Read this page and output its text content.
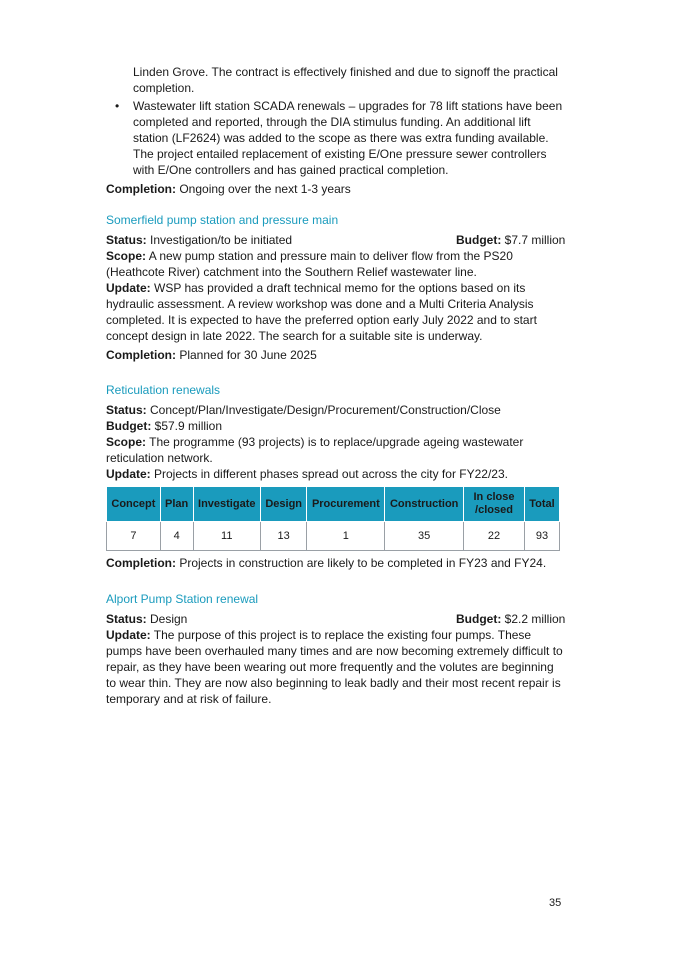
Linden Grove. The contract is effectively finished and due to signoff the practical

completion.

• Wastewater lift station SCADA renewals – upgrades for 78 lift stations have been completed and reported, through the DIA stimulus funding. An additional lift station (LF2624) was added to the scope as there was extra funding available. The project entailed replacement of existing E/One pressure sewer controllers with E/One controllers and has gained practical completion.

Completion: Ongoing over the next 1-3 years

Somerfield pump station and pressure main

Status: Investigation/to be initiated	Budget: $7.7 million

Scope: A new pump station and pressure main to deliver flow from the PS20 (Heathcote River) catchment into the Southern Relief wastewater line.

Update: WSP has provided a draft technical memo for the options based on its hydraulic assessment. A review workshop was done and a Multi Criteria Analysis completed. It is expected to have the preferred option early July 2022 and to start concept design in late 2022. The search for a suitable site is underway.

Completion: Planned for 30 June 2025

Reticulation renewals

Status: Concept/Plan/Investigate/Design/Procurement/Construction/Close

Budget: $57.9 million

Scope: The programme (93 projects) is to replace/upgrade ageing wastewater reticulation network.

Update: Projects in different phases spread out across the city for FY22/23.

Concept	Plan	Investigate	Design	Procurement	Construction	In close /closed	Total
7	4	11	13	1	35	22	93

Completion: Projects in construction are likely to be completed in FY23 and FY24.

Alport Pump Station renewal

Status: Design	Budget: $2.2 million

Update: The purpose of this project is to replace the existing four pumps. These pumps have been overhauled many times and are now becoming extremely difficult to repair, as they have been wearing out more frequently and the volutes are beginning to wear thin. They are now also beginning to leak badly and their most recent repair is temporary and at risk of failure.

35
